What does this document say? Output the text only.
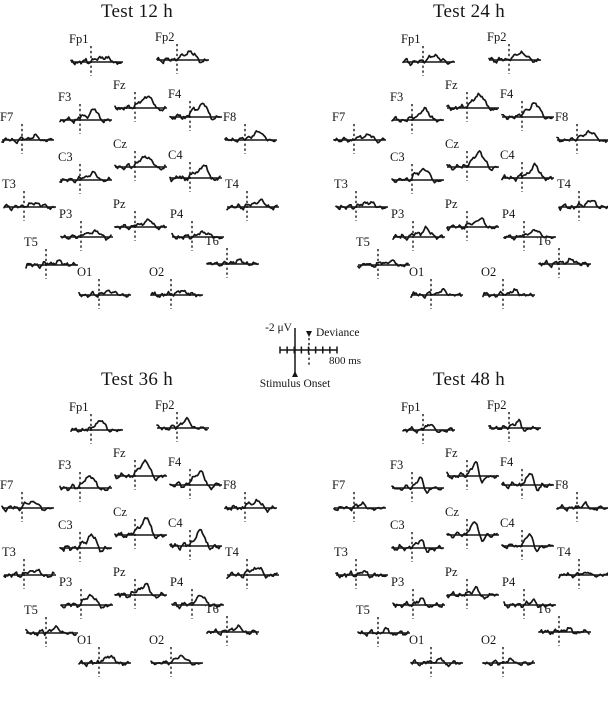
Test 12 h
Fp1	Fp2
F3
Fz
F4
F7	F8
C3
Cz
C4
T3	T4
P3
Pz
P4
T5	T6
O1	O2
Test 24 h
Fp1	Fp2
F3
Fz
F4
F7	F8
C3
Cz
C4
T3	T4
P3
Pz
P4
T5	T6
O1	O2
Test 36 h
Fp1	Fp2
F3
Fz
F4
F7	F8
C3
Cz
C4
T3	T4
P3
Pz
P4
T5	T6
O1	O2
Test 48 h
Fp1	Fp2
F3
Fz
F4
F7	F8
C3
Cz
C4
T3	T4
P3
Pz
P4
T5	T6
O1	O2
-2 μV Deviance
800 ms
Stimulus Onset
